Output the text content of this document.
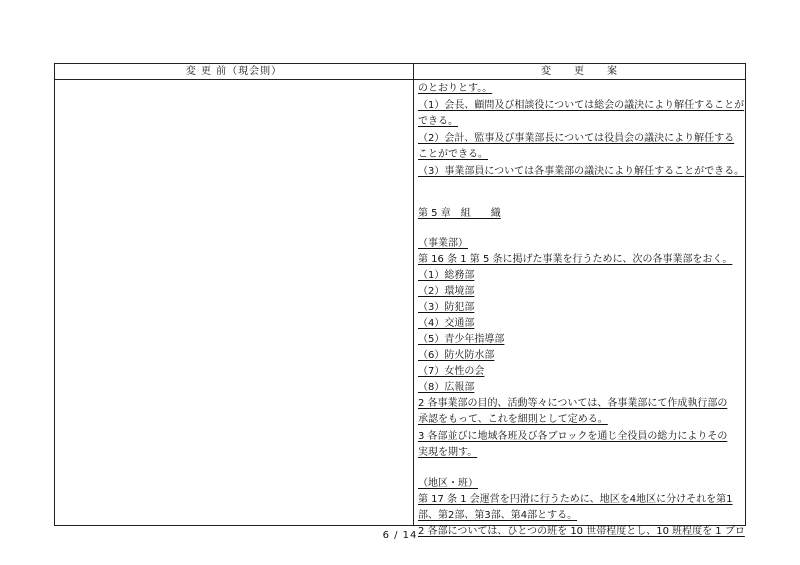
変 更 前（現会則）	変　　更　　案
のとおりとす。。
（1）会長、顧問及び相談役については総会の議決により解任することが
できる。
（2）会計、監事及び事業部長については役員会の議決により解任する
ことができる。
（3）事業部員については各事業部の議決により解任することができる。
第 5 章　組　　織
（事業部）
第 16 条 1 第 5 条に掲げた事業を行うために、次の各事業部をおく。
（1）総務部
（2）環境部
（3）防犯部
（4）交通部
（5）青少年指導部
（6）防火防水部
（7）女性の会
（8）広報部
2 各事業部の目的、活動等々については、各事業部にて作成執行部の
承認をもって、これを細則として定める。
3 各部並びに地域各班及び各ブロックを通じ全役員の総力によりその
実現を期す。
（地区・班）
第 17 条 1 会運営を円滑に行うために、地区を4地区に分けそれを第1
部、第2部、第3部、第4部とする。
2 各部については、ひとつの班を 10 世帯程度とし、10 班程度を 1 ブロ
6 / 14
